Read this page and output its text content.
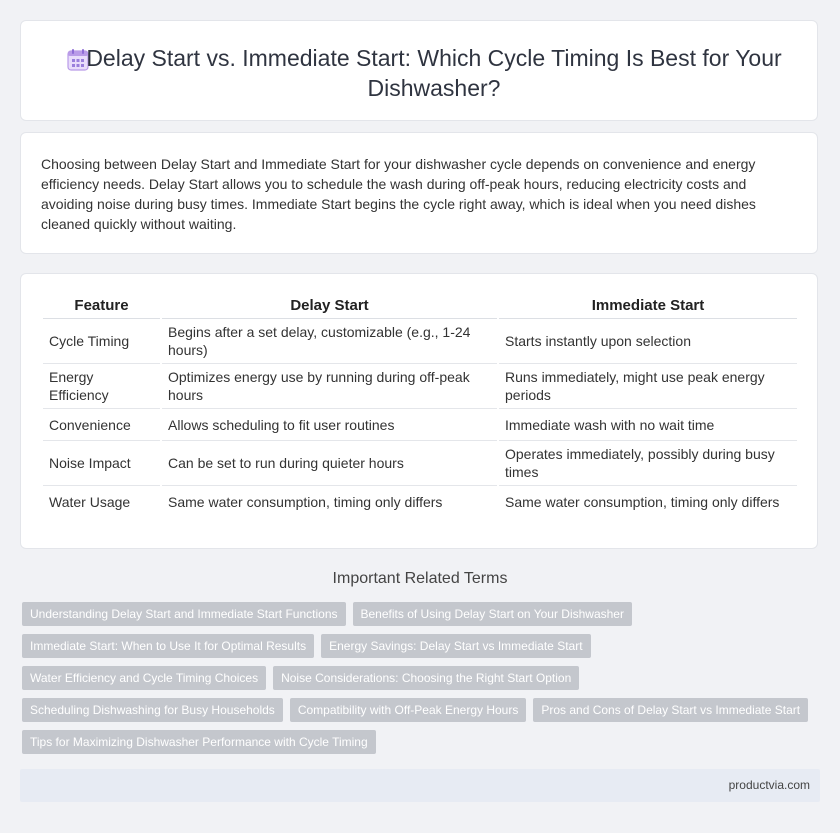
Delay Start vs. Immediate Start: Which Cycle Timing Is Best for Your Dishwasher?

Choosing between Delay Start and Immediate Start for your dishwasher cycle depends on convenience and energy efficiency needs. Delay Start allows you to schedule the wash during off-peak hours, reducing electricity costs and avoiding noise during busy times. Immediate Start begins the cycle right away, which is ideal when you need dishes cleaned quickly without waiting.

Feature	Delay Start	Immediate Start
Cycle Timing	Begins after a set delay, customizable (e.g., 1-24 hours)	Starts instantly upon selection
Energy Efficiency	Optimizes energy use by running during off-peak hours	Runs immediately, might use peak energy periods
Convenience	Allows scheduling to fit user routines	Immediate wash with no wait time
Noise Impact	Can be set to run during quieter hours	Operates immediately, possibly during busy times
Water Usage	Same water consumption, timing only differs	Same water consumption, timing only differs
Important Related Terms
Understanding Delay Start and Immediate Start Functions	Benefits of Using Delay Start on Your Dishwasher
Immediate Start: When to Use It for Optimal Results	Energy Savings: Delay Start vs Immediate Start
Water Efficiency and Cycle Timing Choices	Noise Considerations: Choosing the Right Start Option
Scheduling Dishwashing for Busy Households	Compatibility with Off-Peak Energy Hours	Pros and Cons of Delay Start vs Immediate Start
Tips for Maximizing Dishwasher Performance with Cycle Timing
productvia.com
